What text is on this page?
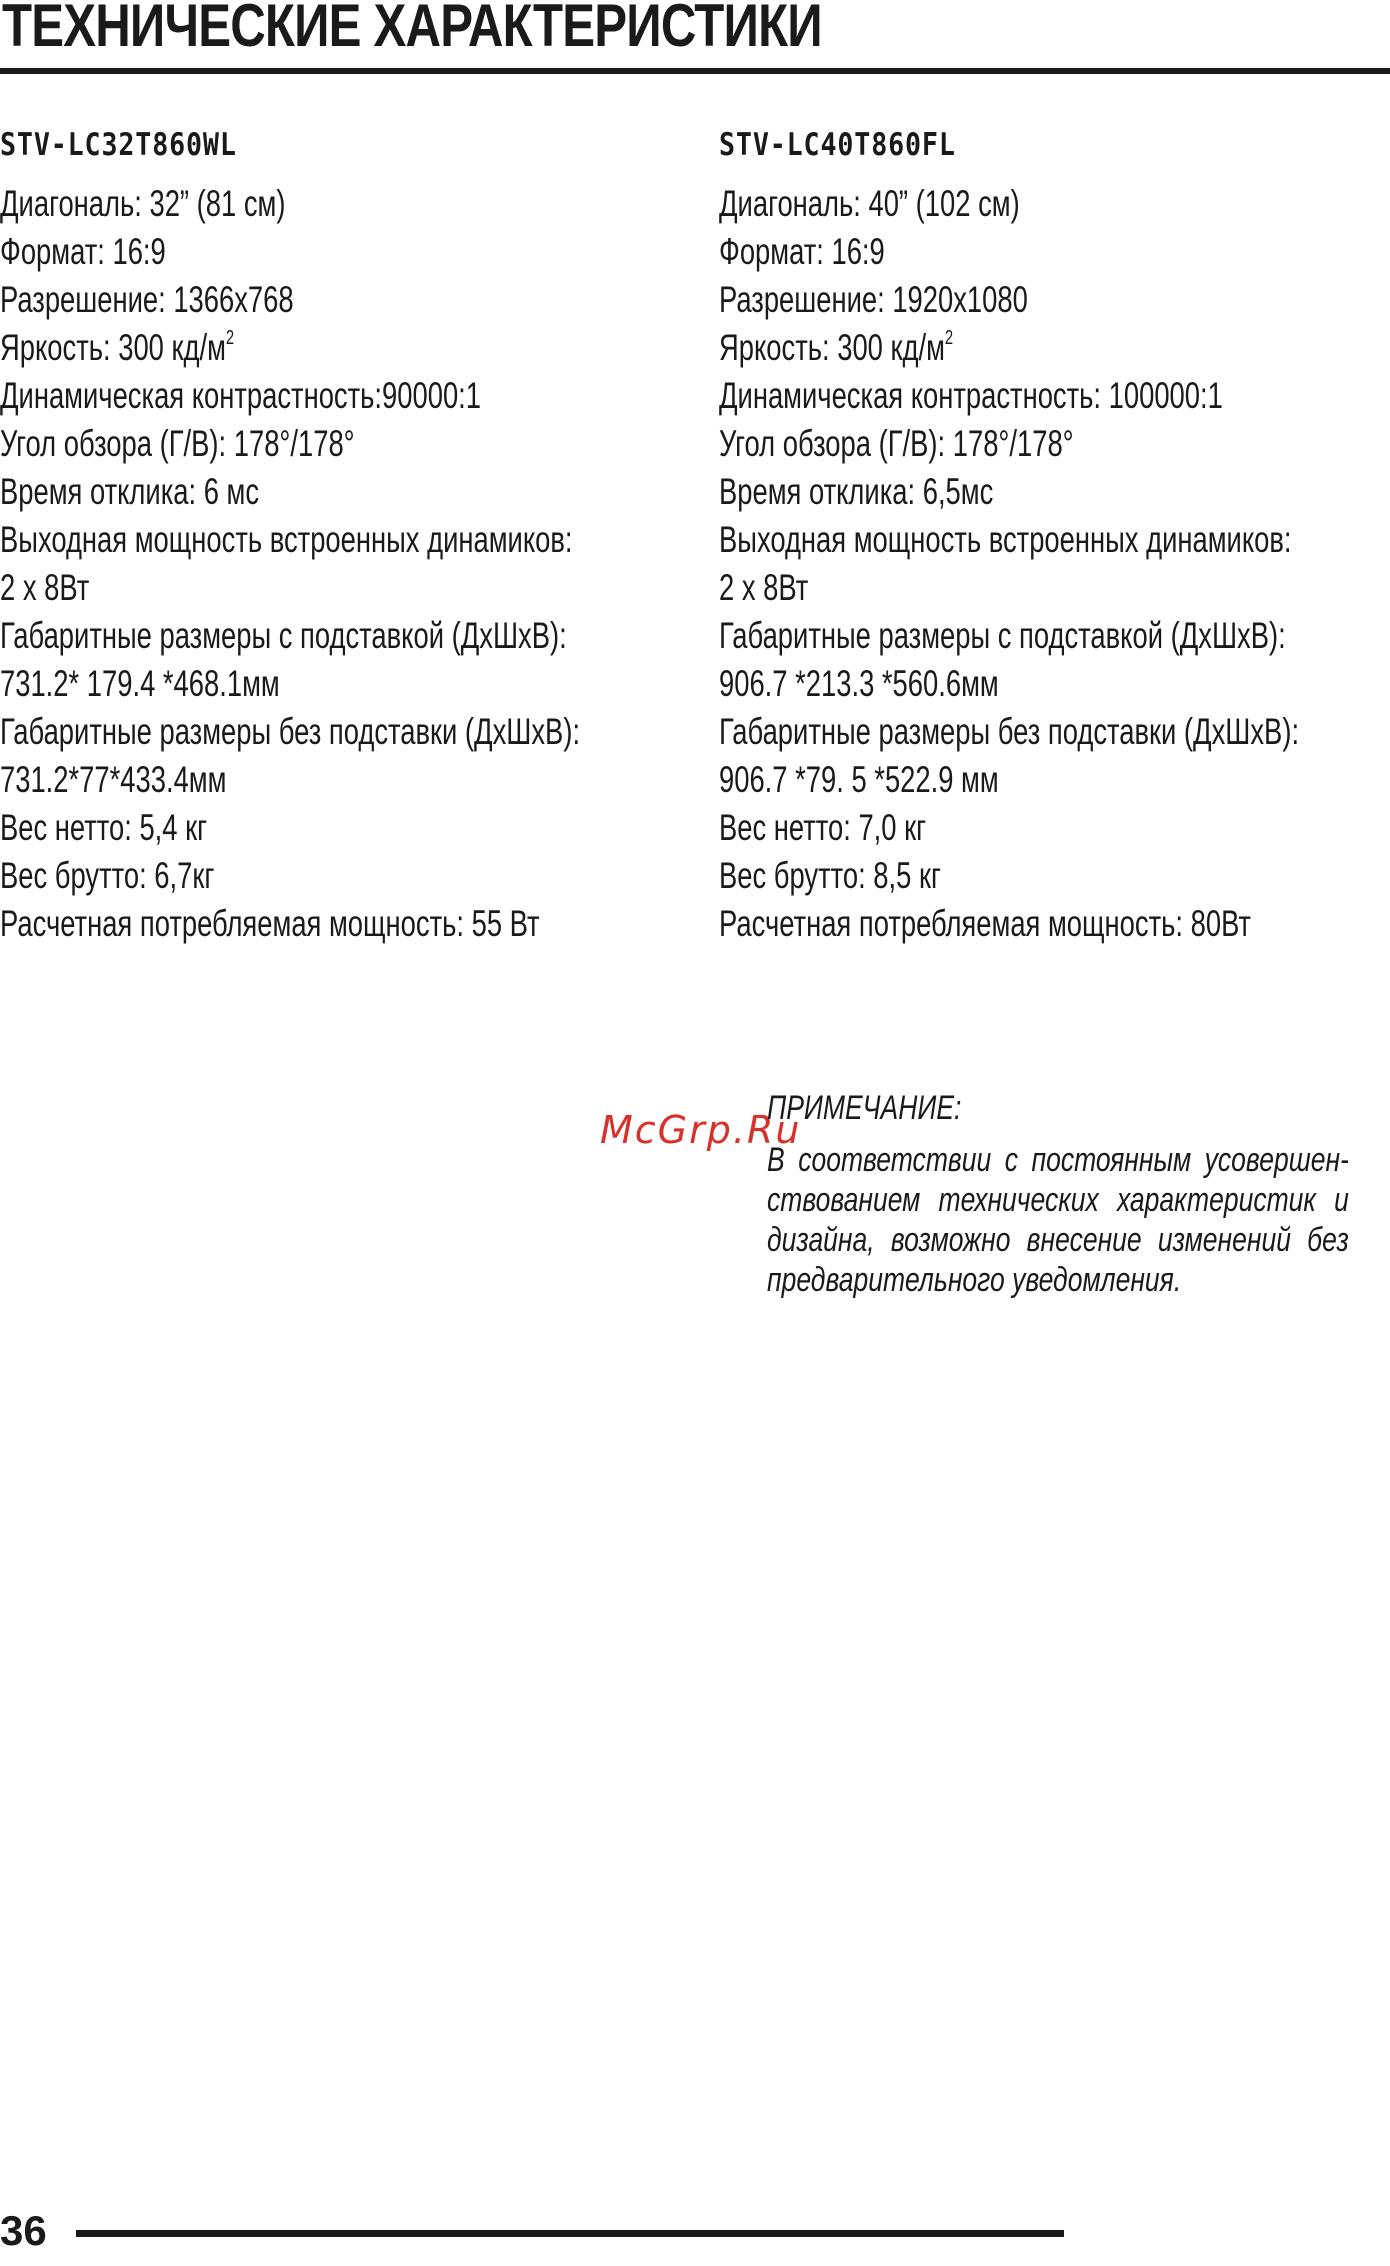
ТЕХНИЧЕСКИЕ ХАРАКТЕРИСТИКИ
STV-LC32T860WL
Диагональ: 32” (81 см)
Формат: 16:9
Разрешение: 1366x768
Яркость: 300 $кд/м^2$
Динамическая контрастность:90000:1
Угол обзора (Г/В): 178°/178°
Время отклика: 6 мс
Выходная мощность встроенных динамиков:
2 x 8Вт
Габаритные размеры с подставкой (ДхШхВ):
731.2* 179.4 *468.1мм
Габаритные размеры без подставки (ДхШхВ):
731.2*77*433.4мм
Вес нетто: 5,4 кг
Вес брутто: 6,7кг
Расчетная потребляемая мощность: 55 Вт
STV-LC40T860FL
Диагональ: 40” (102 см)
Формат: 16:9
Разрешение: 1920x1080
Яркость: 300 $кд/м^2$
Динамическая контрастность: 100000:1
Угол обзора (Г/В): 178°/178°
Время отклика: 6,5мс
Выходная мощность встроенных динамиков:
2 x 8Вт
Габаритные размеры с подставкой (ДхШхВ):
906.7 *213.3 *560.6мм
Габаритные размеры без подставки (ДхШхВ):
906.7 *79. 5 *522.9 мм
Вес нетто: 7,0 кг
Вес брутто: 8,5 кг
Расчетная потребляемая мощность: 80Вт
McGrp.Ru
ПРИМЕЧАНИЕ:
В соответствии с постоянным усовершен-
ствованием технических характеристик и
дизайна, возможно внесение изменений без
предварительного уведомления.
36
